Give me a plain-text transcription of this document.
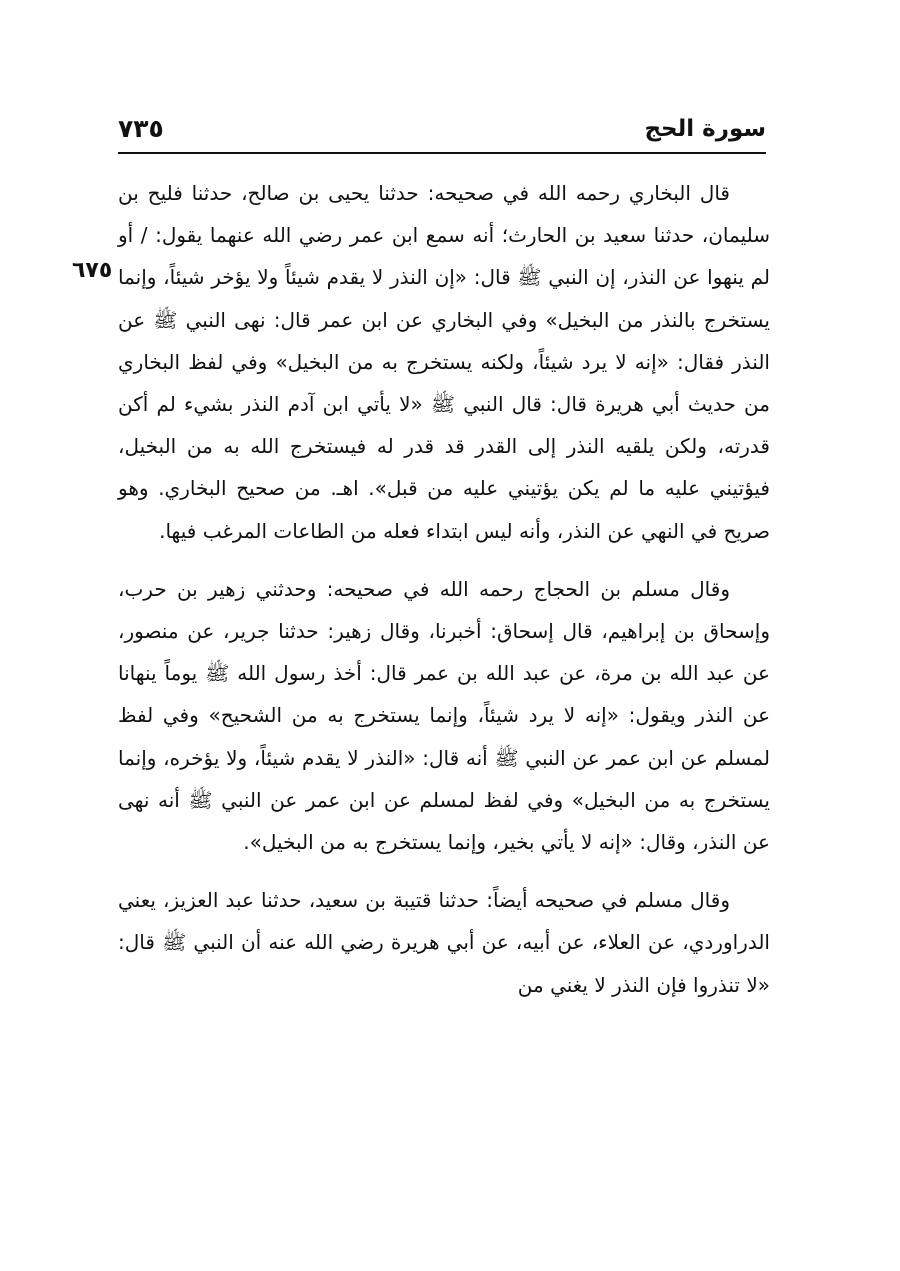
سورة الحج
٧٣٥
٦٧٥

قال البخاري رحمه الله في صحيحه: حدثنا يحيى بن صالح، حدثنا فليح بن سليمان، حدثنا سعيد بن الحارث؛ أنه سمع ابن عمر رضي الله عنهما يقول: / أو لم ينهوا عن النذر، إن النبي ﷺ قال: «إن النذر لا يقدم شيئاً ولا يؤخر شيئاً، وإنما يستخرج بالنذر من البخيل» وفي البخاري عن ابن عمر قال: نهى النبي ﷺ عن النذر فقال: «إنه لا يرد شيئاً، ولكنه يستخرج به من البخيل» وفي لفظ البخاري من حديث أبي هريرة قال: قال النبي ﷺ «لا يأتي ابن آدم النذر بشيء لم أكن قدرته، ولكن يلقيه النذر إلى القدر قد قدر له فيستخرج الله به من البخيل، فيؤتيني عليه ما لم يكن يؤتيني عليه من قبل». اهـ. من صحيح البخاري. وهو صريح في النهي عن النذر، وأنه ليس ابتداء فعله من الطاعات المرغب فيها.

وقال مسلم بن الحجاج رحمه الله في صحيحه: وحدثني زهير بن حرب، وإسحاق بن إبراهيم، قال إسحاق: أخبرنا، وقال زهير: حدثنا جرير، عن منصور، عن عبد الله بن مرة، عن عبد الله بن عمر قال: أخذ رسول الله ﷺ يوماً ينهانا عن النذر ويقول: «إنه لا يرد شيئاً، وإنما يستخرج به من الشحيح» وفي لفظ لمسلم عن ابن عمر عن النبي ﷺ أنه قال: «النذر لا يقدم شيئاً، ولا يؤخره، وإنما يستخرج به من البخيل» وفي لفظ لمسلم عن ابن عمر عن النبي ﷺ أنه نهى عن النذر، وقال: «إنه لا يأتي بخير، وإنما يستخرج به من البخيل».

وقال مسلم في صحيحه أيضاً: حدثنا قتيبة بن سعيد، حدثنا عبد العزيز، يعني الدراوردي، عن العلاء، عن أبيه، عن أبي هريرة رضي الله عنه أن النبي ﷺ قال: «لا تنذروا فإن النذر لا يغني من
